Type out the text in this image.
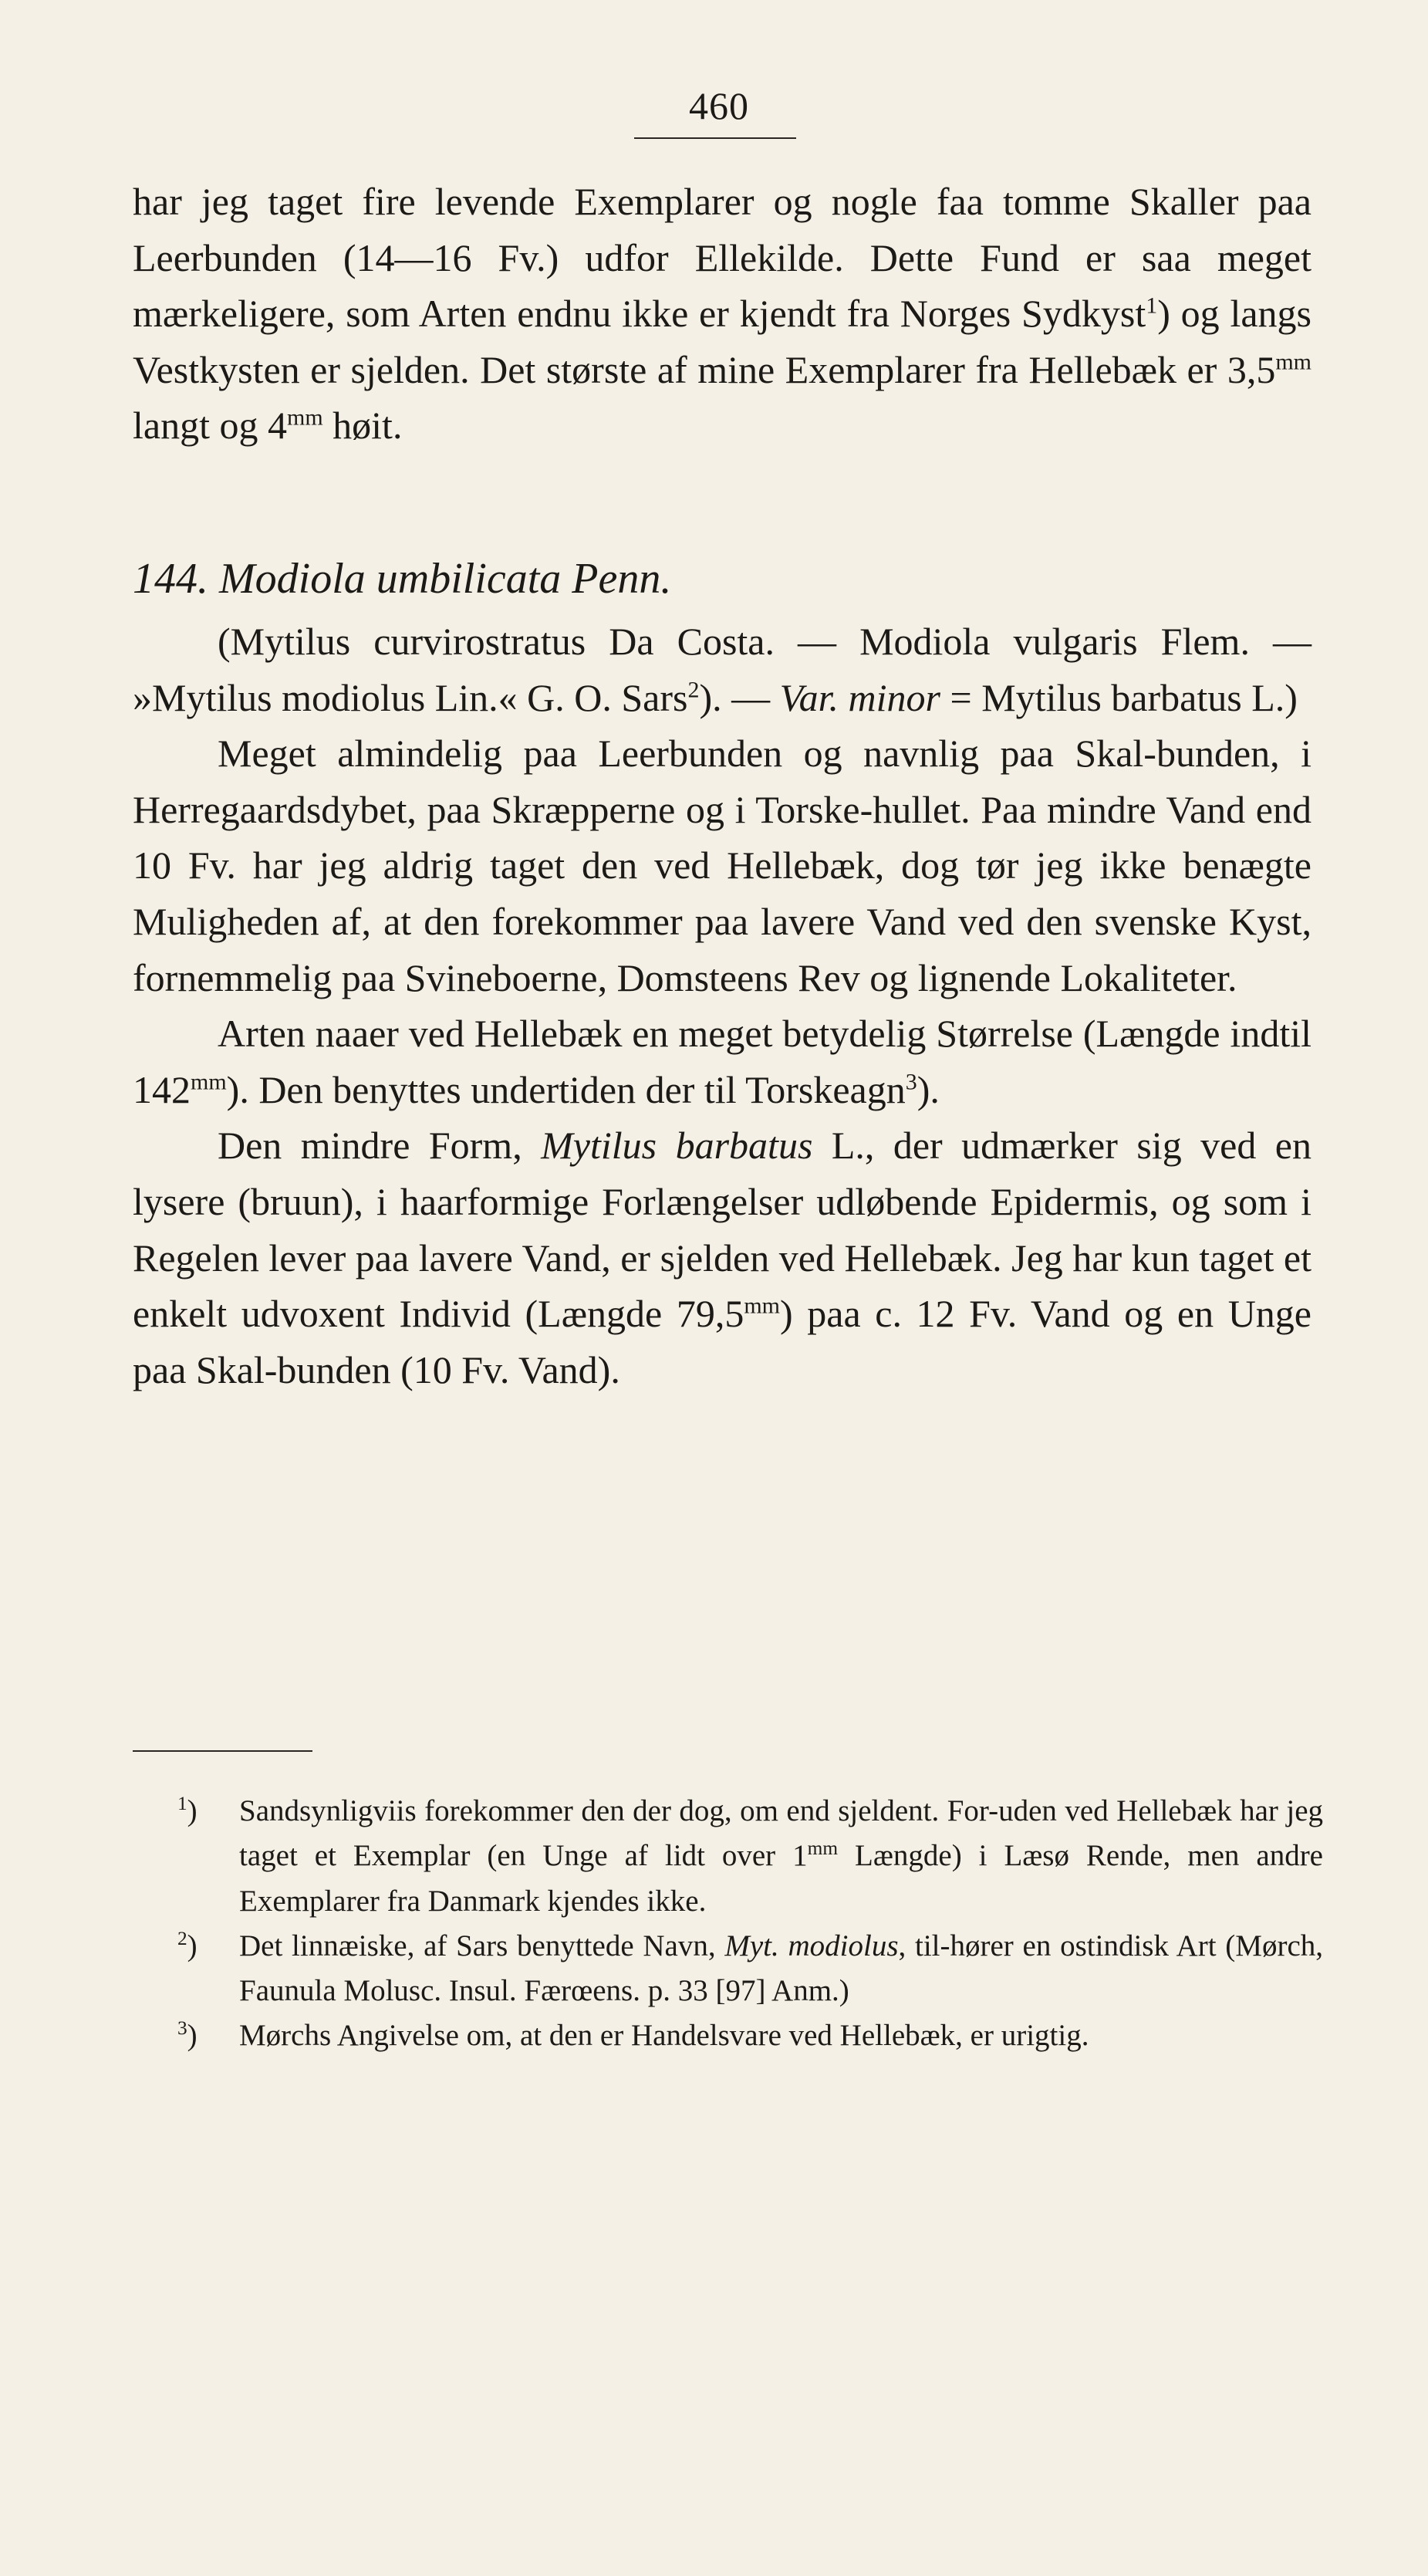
460

har jeg taget fire levende Exemplarer og nogle faa tomme Skaller paa Leerbunden (14—16 Fv.) udfor Ellekilde. Dette Fund er saa meget mærkeligere, som Arten endnu ikke er kjendt fra Norges Sydkyst$^1$) og langs Vestkysten er sjelden. Det største af mine Exemplarer fra Hellebæk er $3,5^{mm}$ langt og $4^{mm}$ høit.

144. Modiola umbilicata Penn.

(Mytilus curvirostratus Da Costa. — Modiola vulgaris Flem. — »Mytilus modiolus Lin.« G. O. Sars$^2$). — Var. minor = Mytilus barbatus L.)

Meget almindelig paa Leerbunden og navnlig paa Skal-bunden, i Herregaardsdybet, paa Skræpperne og i Torske-hullet. Paa mindre Vand end 10 Fv. har jeg aldrig taget den ved Hellebæk, dog tør jeg ikke benægte Muligheden af, at den forekommer paa lavere Vand ved den svenske Kyst, fornemmelig paa Svineboerne, Domsteens Rev og lignende Lokaliteter.

Arten naaer ved Hellebæk en meget betydelig Størrelse (Længde indtil $142^{mm}$). Den benyttes undertiden der til Torskeagn$^3$).

Den mindre Form, Mytilus barbatus L., der udmærker sig ved en lysere (bruun), i haarformige Forlængelser udløbende Epidermis, og som i Regelen lever paa lavere Vand, er sjelden ved Hellebæk. Jeg har kun taget et enkelt udvoxent Individ (Længde $79,5^{mm}$) paa c. 12 Fv. Vand og en Unge paa Skal-bunden (10 Fv. Vand).

$^1$) Sandsynligviis forekommer den der dog, om end sjeldent. For-uden ved Hellebæk har jeg taget et Exemplar (en Unge af lidt over $1^{mm}$ Længde) i Læsø Rende, men andre Exemplarer fra Danmark kjendes ikke.

$^2$) Det linnæiske, af Sars benyttede Navn, Myt. modiolus, til-hører en ostindisk Art (Mørch, Faunula Molusc. Insul. Færœens. p. 33 [97] Anm.)

$^3$) Mørchs Angivelse om, at den er Handelsvare ved Hellebæk, er urigtig.
